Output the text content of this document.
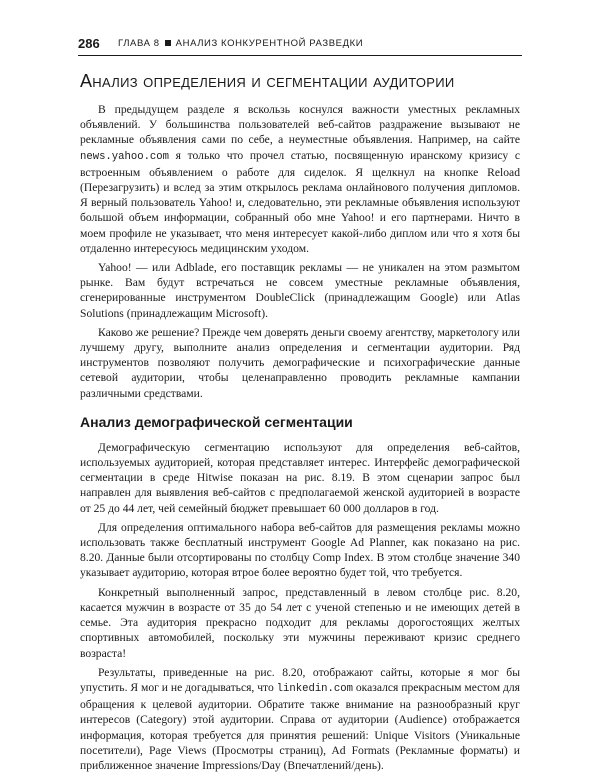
286 ГЛАВА 8 АНАЛИЗ КОНКУРЕНТНОЙ РАЗВЕДКИ
Анализ определения и сегментации аудитории

В предыдущем разделе я вскользь коснулся важности уместных рекламных объявлений. У большинства пользователей веб-сайтов раздражение вызывают не рекламные объявления сами по себе, а неуместные объявления. Например, на сайте news.yahoo.com я только что прочел статью, посвященную иранскому кризису с встроенным объявлением о работе для сиделок. Я щелкнул на кнопке Reload (Перезагрузить) и вслед за этим открылось реклама онлайнового получения дипломов. Я верный пользователь Yahoo! и, следовательно, эти рекламные объявления используют большой объем информации, собранный обо мне Yahoo! и его партнерами. Ничто в моем профиле не указывает, что меня интересует какой-либо диплом или что я хотя бы отдаленно интересуюсь медицинским уходом.

Yahoo! — или Adblade, его поставщик рекламы — не уникален на этом размытом рынке. Вам будут встречаться не совсем уместные рекламные объявления, сгенерированные инструментом DoubleClick (принадлежащим Google) или Atlas Solutions (принадлежащим Microsoft).

Каково же решение? Прежде чем доверять деньги своему агентству, маркетологу или лучшему другу, выполните анализ определения и сегментации аудитории. Ряд инструментов позволяют получить демографические и психографические данные сетевой аудитории, чтобы целенаправленно проводить рекламные кампании различными средствами.

Анализ демографической сегментации

Демографическую сегментацию используют для определения веб-сайтов, используемых аудиторией, которая представляет интерес. Интерфейс демографической сегментации в среде Hitwise показан на рис. 8.19. В этом сценарии запрос был направлен для выявления веб-сайтов с предполагаемой женской аудиторией в возрасте от 25 до 44 лет, чей семейный бюджет превышает 60 000 долларов в год.

Для определения оптимального набора веб-сайтов для размещения рекламы можно использовать также бесплатный инструмент Google Ad Planner, как показано на рис. 8.20. Данные были отсортированы по столбцу Comp Index. В этом столбце значение 340 указывает аудиторию, которая втрое более вероятно будет той, что требуется.

Конкретный выполненный запрос, представленный в левом столбце рис. 8.20, касается мужчин в возрасте от 35 до 54 лет с ученой степенью и не имеющих детей в семье. Эта аудитория прекрасно подходит для рекламы дорогостоящих желтых спортивных автомобилей, поскольку эти мужчины переживают кризис среднего возраста!

Результаты, приведенные на рис. 8.20, отображают сайты, которые я мог бы упустить. Я мог и не догадываться, что linkedin.com оказался прекрасным местом для обращения к целевой аудитории. Обратите также внимание на разнообразный круг интересов (Category) этой аудитории. Справа от аудитории (Audience) отображается информация, которая требуется для принятия решений: Unique Visitors (Уникальные посетители), Page Views (Просмотры страниц), Ad Formats (Рекламные форматы) и приближенное значение Impressions/Day (Впечатлений/день).
